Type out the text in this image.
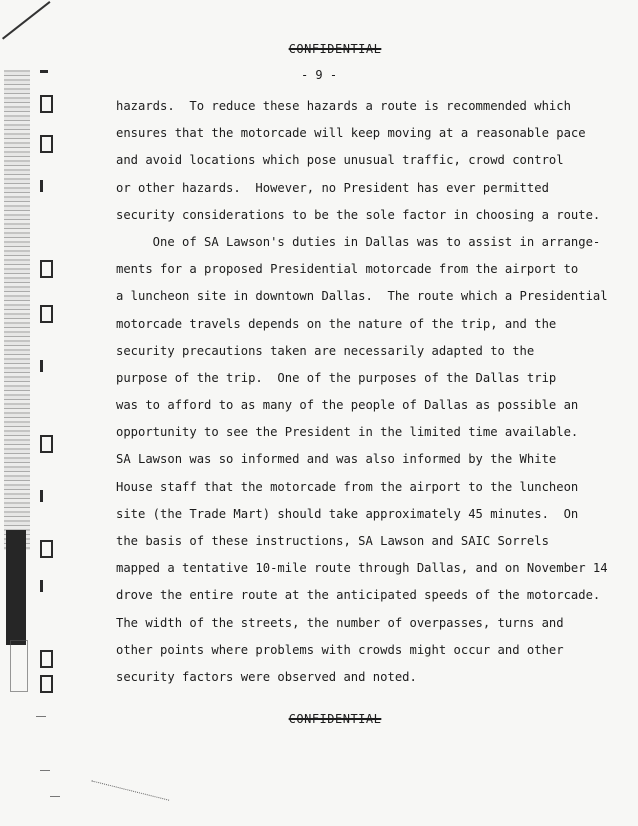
CONFIDENTIAL
- 9 -
hazards.  To reduce these hazards a route is recommended which
ensures that the motorcade will keep moving at a reasonable pace
and avoid locations which pose unusual traffic, crowd control
or other hazards.  However, no President has ever permitted
security considerations to be the sole factor in choosing a route.
One of SA Lawson's duties in Dallas was to assist in arrange-
ments for a proposed Presidential motorcade from the airport to
a luncheon site in downtown Dallas.  The route which a Presidential
motorcade travels depends on the nature of the trip, and the
security precautions taken are necessarily adapted to the
purpose of the trip.  One of the purposes of the Dallas trip
was to afford to as many of the people of Dallas as possible an
opportunity to see the President in the limited time available.
SA Lawson was so informed and was also informed by the White
House staff that the motorcade from the airport to the luncheon
site (the Trade Mart) should take approximately 45 minutes.  On
the basis of these instructions, SA Lawson and SAIC Sorrels
mapped a tentative 10-mile route through Dallas, and on November 14
drove the entire route at the anticipated speeds of the motorcade.
The width of the streets, the number of overpasses, turns and
other points where problems with crowds might occur and other
security factors were observed and noted.
CONFIDENTIAL
